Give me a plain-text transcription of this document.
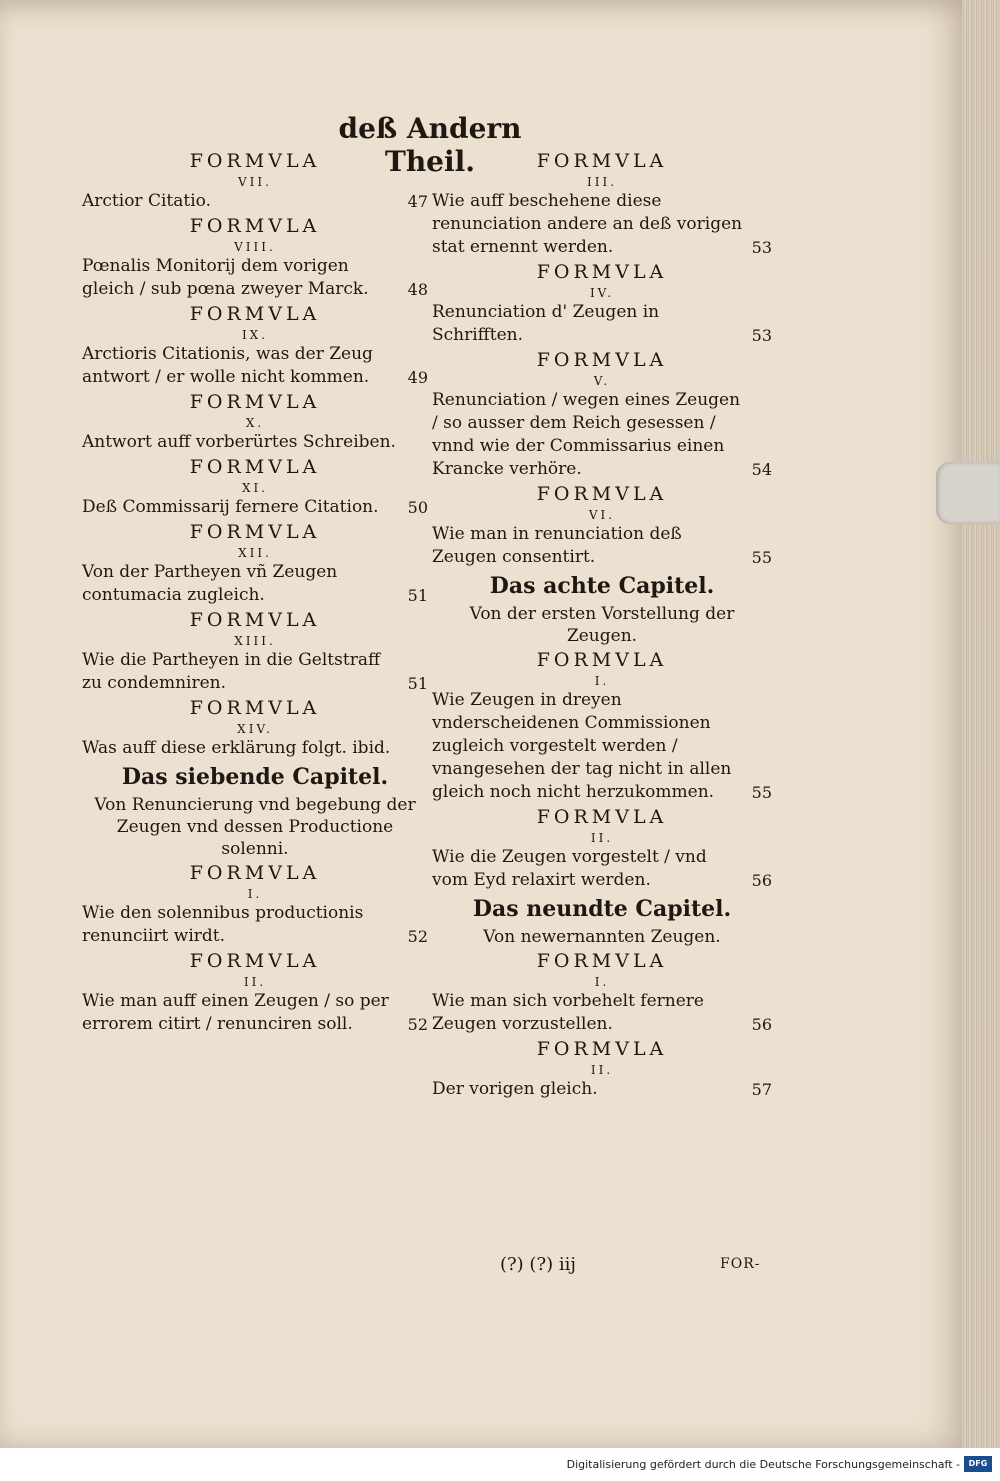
deß Andern Theil.
FORMVLA
VII.
Arctior Citatio.	47
FORMVLA
VIII.
Pœnalis Monitorij dem vorigen gleich / sub pœna zweyer Marck. 48
FORMVLA
IX.
Arctioris Citationis, was der Zeug antwort / er wolle nicht kommen. 49
FORMVLA
X.
Antwort auff vorberürtes Schreiben.
FORMVLA
XI.
Deß Commissarij fernere Citation. 50
FORMVLA
XII.
Von der Partheyen vñ Zeugen contumacia zugleich.	51
FORMVLA
XIII.
Wie die Partheyen in die Geltstraff zu condemniren.	51
FORMVLA
XIV.
Was auff diese erklärung folgt. ibid.
Das siebende Capitel.
Von Renuncierung vnd begebung der Zeugen vnd dessen Productione solenni.
FORMVLA
I.
Wie den solennibus productionis renunciirt wirdt.	52
FORMVLA
II.
Wie man auff einen Zeugen / so per errorem citirt / renunciren soll.	52
FORMVLA
III.
Wie auff beschehene diese renunciation andere an deß vorigen stat ernennt werden.	53
FORMVLA
IV.
Renunciation d' Zeugen in Schrifften.	53
FORMVLA
V.
Renunciation / wegen eines Zeugen / so ausser dem Reich gesessen / vnnd wie der Commissarius einen Krancke verhöre.	54
FORMVLA
VI.
Wie man in renunciation deß Zeugen consentirt.	55
Das achte Capitel.
Von der ersten Vorstellung der Zeugen.
FORMVLA
I.
Wie Zeugen in dreyen vnderscheidenen Commissionen zugleich vorgestelt werden / vnangesehen der tag nicht in allen gleich noch nicht herzukommen. 55
FORMVLA
II.
Wie die Zeugen vorgestelt / vnd vom Eyd relaxirt werden.	56
Das neundte Capitel.
Von newernannten Zeugen.
FORMVLA
I.
Wie man sich vorbehelt fernere Zeugen vorzustellen.	56
FORMVLA
II.
Der vorigen gleich.	57
(?) (?) iij	FOR-
Digitalisierung gefördert durch die Deutsche Forschungsgemeinschaft -	DFG
